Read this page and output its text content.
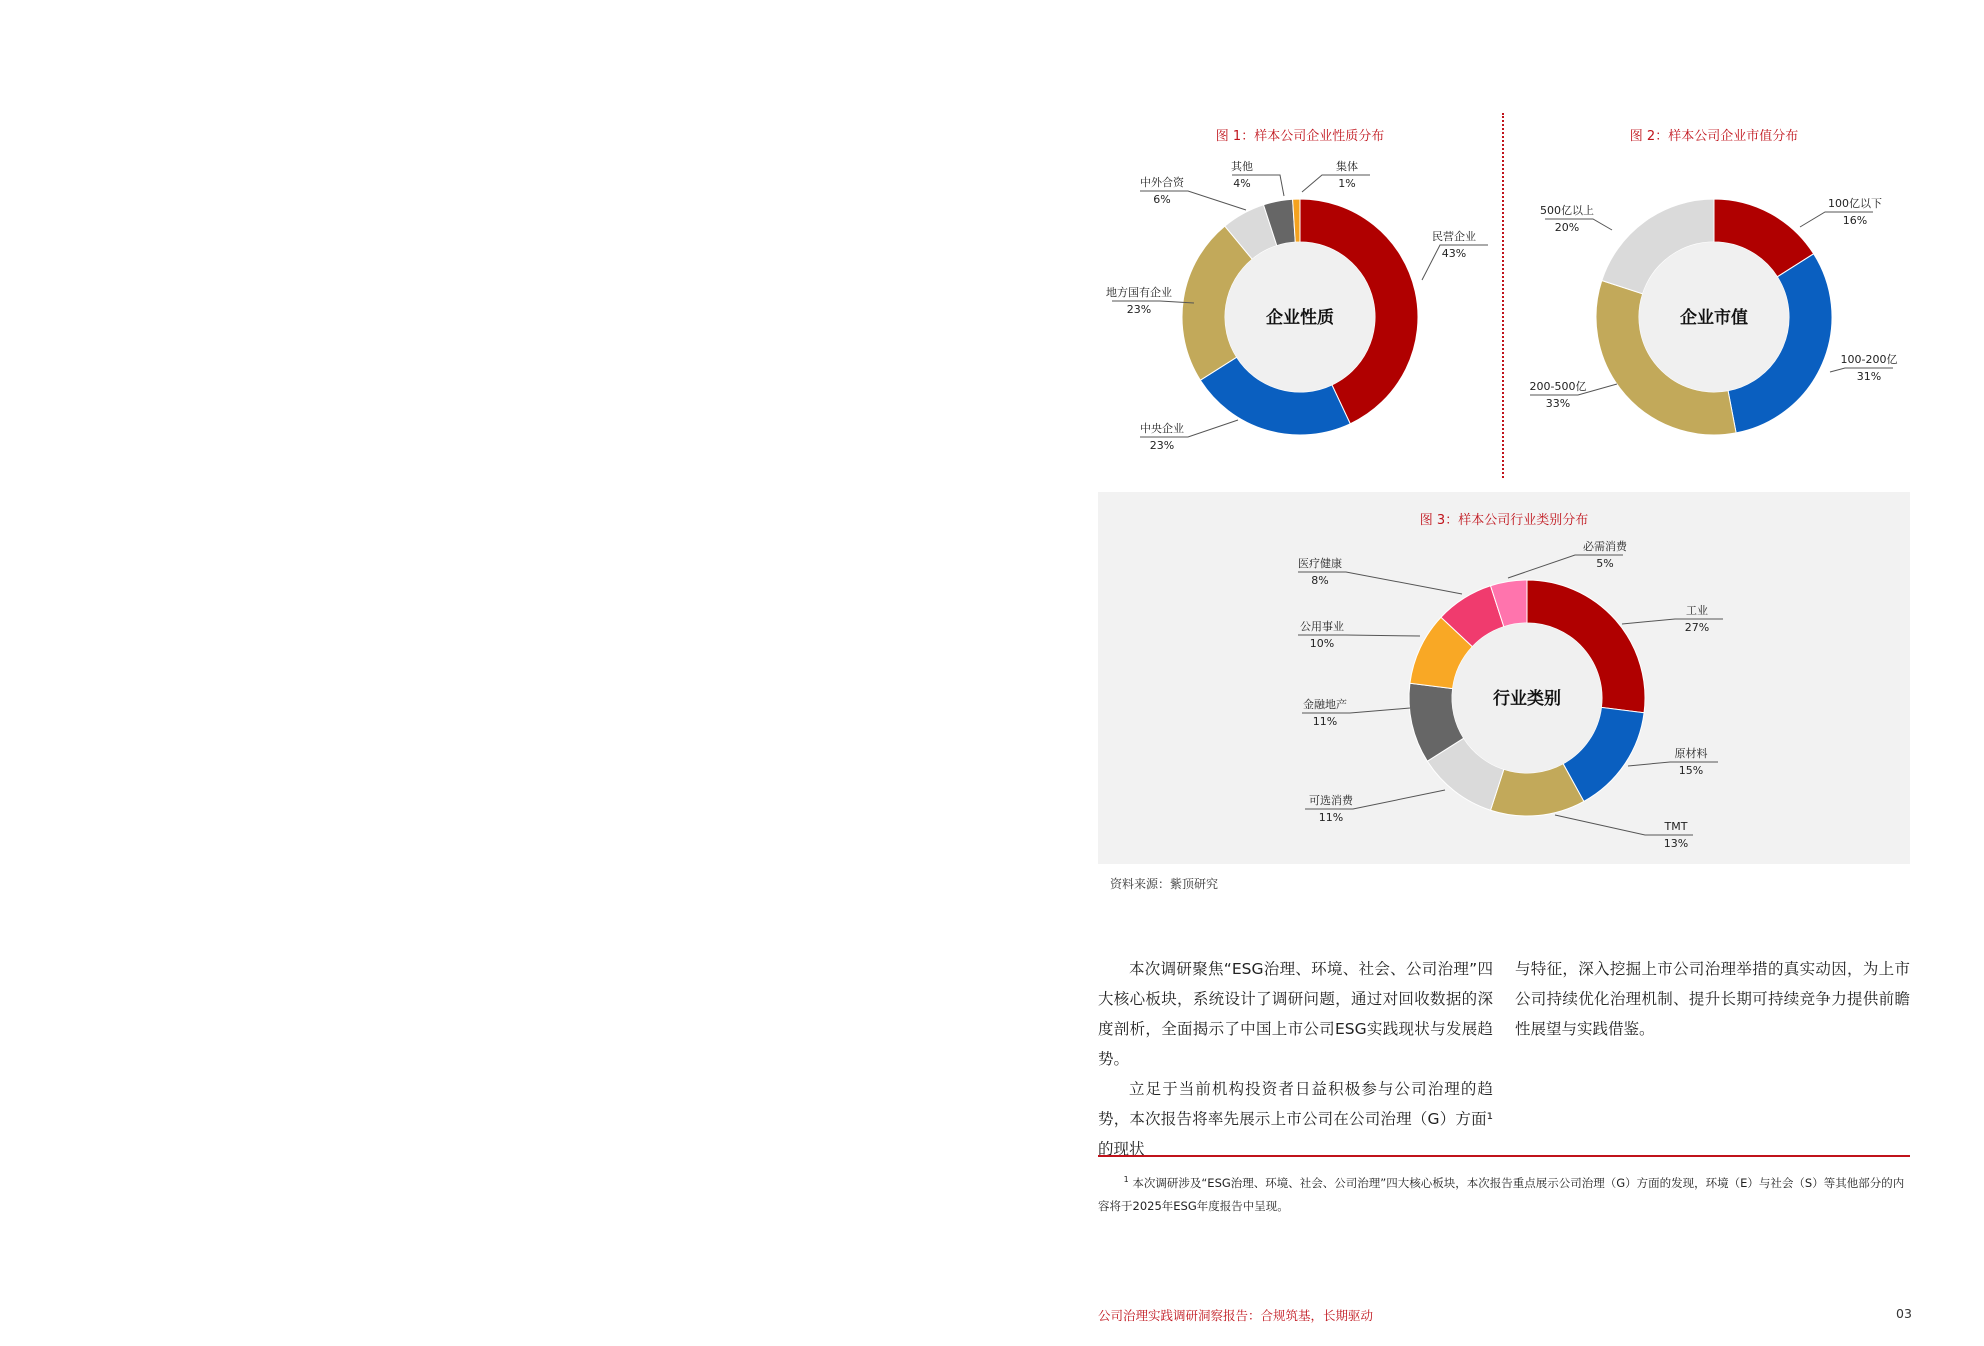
图 1：样本公司企业性质分布	图 2：样本公司企业市值分布
图 3：样本公司行业类别分布
企业性质
民营企业
43%
中央企业
23%
地方国有企业
23%
中外合资
6%
其他
4%
集体
1%
企业市值
100亿以下
16%
100-200亿
31%
200-500亿
33%
500亿以上
20%
行业类别
工业
27%
原材料
15%
TMT
13%
可选消费
11%
金融地产
11%
公用事业
10%
医疗健康
8%
必需消费
5%
资料来源：紫顶研究

本次调研聚焦“ESG治理、环境、社会、公司治理”四大核心板块，系统设计了调研问题，通过对回收数据的深度剖析，全面揭示了中国上市公司ESG实践现状与发展趋势。

立足于当前机构投资者日益积极参与公司治理的趋势，本次报告将率先展示上市公司在公司治理（G）方面¹的现状

与特征，深入挖掘上市公司治理举措的真实动因，为上市公司持续优化治理机制、提升长期可持续竞争力提供前瞻性展望与实践借鉴。

$^1$ 本次调研涉及“ESG治理、环境、社会、公司治理”四大核心板块，本次报告重点展示公司治理（G）方面的发现，环境（E）与社会（S）等其他部分的内容将于2025年ESG年度报告中呈现。
公司治理实践调研洞察报告：合规筑基，长期驱动	03
